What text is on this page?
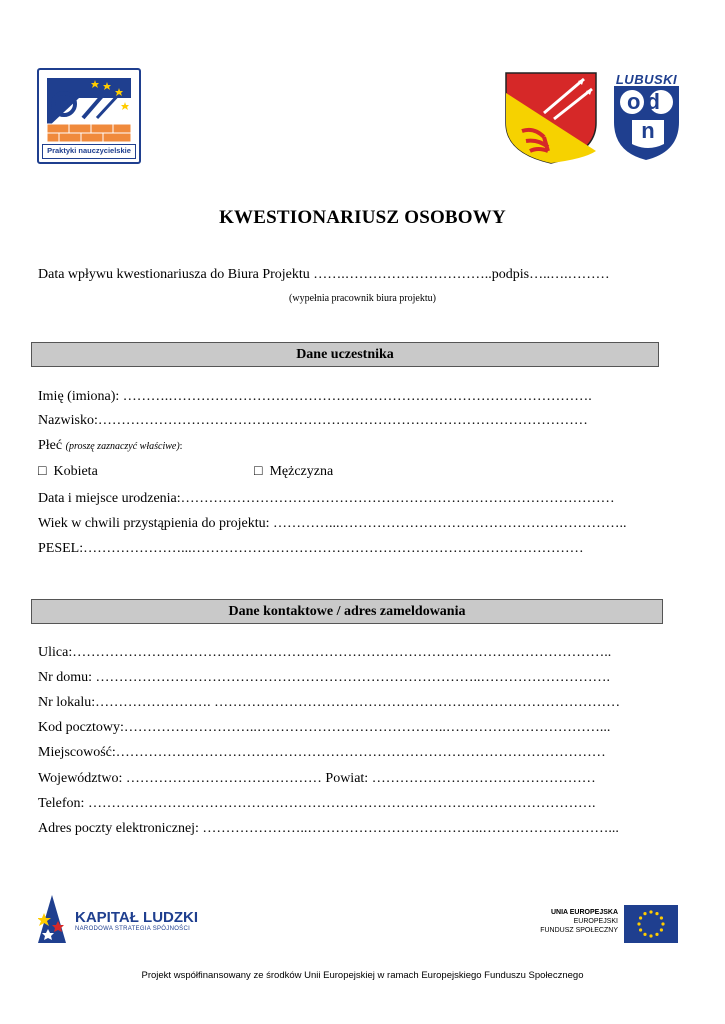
Praktyki nauczycielskie
LUBUSKI
od
n
KWESTIONARIUSZ OSOBOWY
Data wpływu kwestionariusza do Biura Projektu …….…………………………..podpis…..….………
(wypełnia pracownik biura projektu)
Dane uczestnika
Imię (imiona): ……….……………………………………………………………………………….
Nazwisko:……………………………………………………………………………………………
Płeć (proszę zaznaczyć właściwe):
□ Kobieta	□ Mężczyzna
Data i miejsce urodzenia:…………………………………………………………………………………
Wiek w chwili przystąpienia do projektu: …………...……………………………………………………..
PESEL:…………………...…………………………………………………………………………
Dane kontaktowe / adres zameldowania
Ulica:……………………………………………………………………………………………………..
Nr domu: ………………………………………………………………………..……………………….
Nr lokalu:……………………. ……………………………………………………………………………
Kod pocztowy:………………………..…………………………………..……………………………...
Miejscowość:……………………………………………………………………………………………
Województwo: …………………………………… Powiat: …………………………………………
Telefon: ……………………………………………………………………………………………….
Adres poczty elektronicznej: …………………..………………………………..………………………...
KAPITAŁ LUDZKI
NARODOWA STRATEGIA SPÓJNOŚCI
UNIA EUROPEJSKA
EUROPEJSKI
FUNDUSZ SPOŁECZNY
Projekt współfinansowany ze środków Unii Europejskiej w ramach Europejskiego Funduszu Społecznego
